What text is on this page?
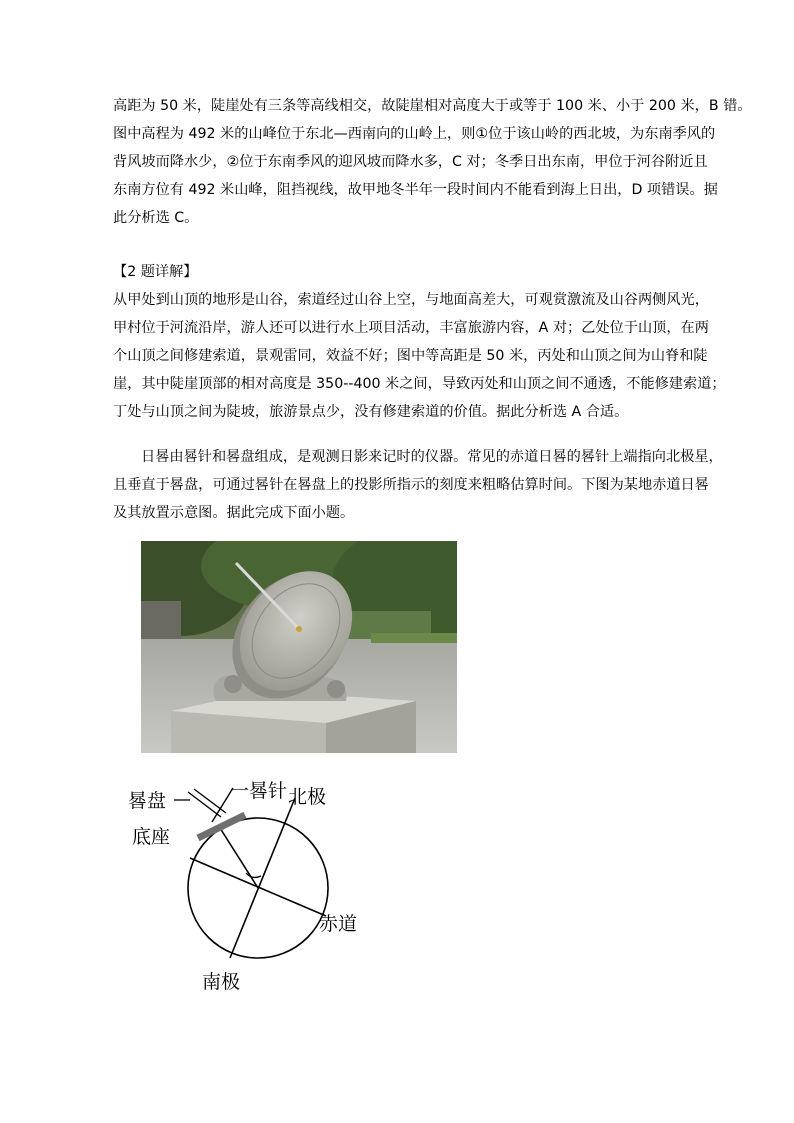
高距为 50 米，陡崖处有三条等高线相交，故陡崖相对高度大于或等于 100 米、小于 200 米，B 错。
图中高程为 492 米的山峰位于东北—西南向的山岭上，则①位于该山岭的西北坡，为东南季风的
背风坡而降水少，②位于东南季风的迎风坡而降水多，C 对；冬季日出东南，甲位于河谷附近且
东南方位有 492 米山峰，阻挡视线，故甲地冬半年一段时间内不能看到海上日出，D 项错误。据
此分析选 C。
【2 题详解】
从甲处到山顶的地形是山谷，索道经过山谷上空，与地面高差大，可观赏激流及山谷两侧风光，
甲村位于河流沿岸，游人还可以进行水上项目活动，丰富旅游内容，A 对；乙处位于山顶，在两
个山顶之间修建索道，景观雷同，效益不好；图中等高距是 50 米，丙处和山顶之间为山脊和陡
崖，其中陡崖顶部的相对高度是 350--400 米之间，导致丙处和山顶之间不通透，不能修建索道；
丁处与山顶之间为陡坡，旅游景点少，没有修建索道的价值。据此分析选 A 合适。
日晷由晷针和晷盘组成，是观测日影来记时的仪器。常见的赤道日晷的晷针上端指向北极星，
且垂直于晷盘，可通过晷针在晷盘上的投影所指示的刻度来粗略估算时间。下图为某地赤道日晷
及其放置示意图。据此完成下面小题。
晷盘	一晷针
底座
北极
赤道
南极
